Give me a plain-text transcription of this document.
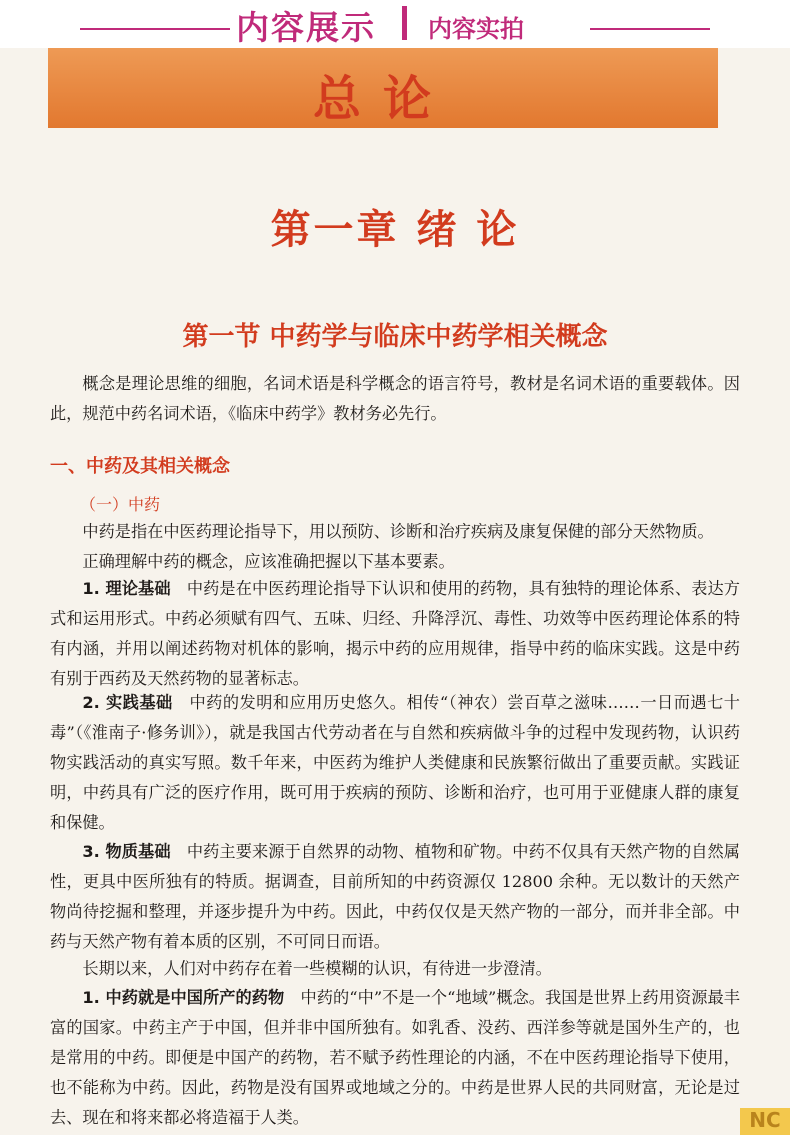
内容展示 内容实拍
总论
第一章 绪 论
第一节 中药学与临床中药学相关概念

概念是理论思维的细胞，名词术语是科学概念的语言符号，教材是名词术语的重要载体。因此，规范中药名词术语，《临床中药学》教材务必先行。

一、中药及其相关概念
（一）中药

中药是指在中医药理论指导下，用以预防、诊断和治疗疾病及康复保健的部分天然物质。

正确理解中药的概念，应该准确把握以下基本要素。

1. 理论基础　 中药是在中医药理论指导下认识和使用的药物，具有独特的理论体系、表达方式和运用形式。中药必须赋有四气、五味、归经、升降浮沉、毒性、功效等中医药理论体系的特有内涵，并用以阐述药物对机体的影响，揭示中药的应用规律，指导中药的临床实践。这是中药有别于西药及天然药物的显著标志。

2. 实践基础　 中药的发明和应用历史悠久。相传“（神农）尝百草之滋味……一日而遇七十毒”（《淮南子·修务训》），就是我国古代劳动者在与自然和疾病做斗争的过程中发现药物，认识药物实践活动的真实写照。数千年来，中医药为维护人类健康和民族繁衍做出了重要贡献。实践证明，中药具有广泛的医疗作用，既可用于疾病的预防、诊断和治疗，也可用于亚健康人群的康复和保健。

3. 物质基础　 中药主要来源于自然界的动物、植物和矿物。中药不仅具有天然产物的自然属性，更具中医所独有的特质。据调查，目前所知的中药资源仅 12800 余种。无以数计的天然产物尚待挖掘和整理，并逐步提升为中药。因此，中药仅仅是天然产物的一部分，而并非全部。中药与天然产物有着本质的区别，不可同日而语。

长期以来，人们对中药存在着一些模糊的认识，有待进一步澄清。

1. 中药就是中国所产的药物　 中药的“中”不是一个“地域”概念。我国是世界上药用资源最丰富的国家。中药主产于中国，但并非中国所独有。如乳香、没药、西洋参等就是国外生产的，也是常用的中药。即便是中国产的药物，若不赋予药性理论的内涵，不在中医药理论指导下使用，也不能称为中药。因此，药物是没有国界或地域之分的。中药是世界人民的共同财富，无论是过去、现在和将来都必将造福于人类。	NC
